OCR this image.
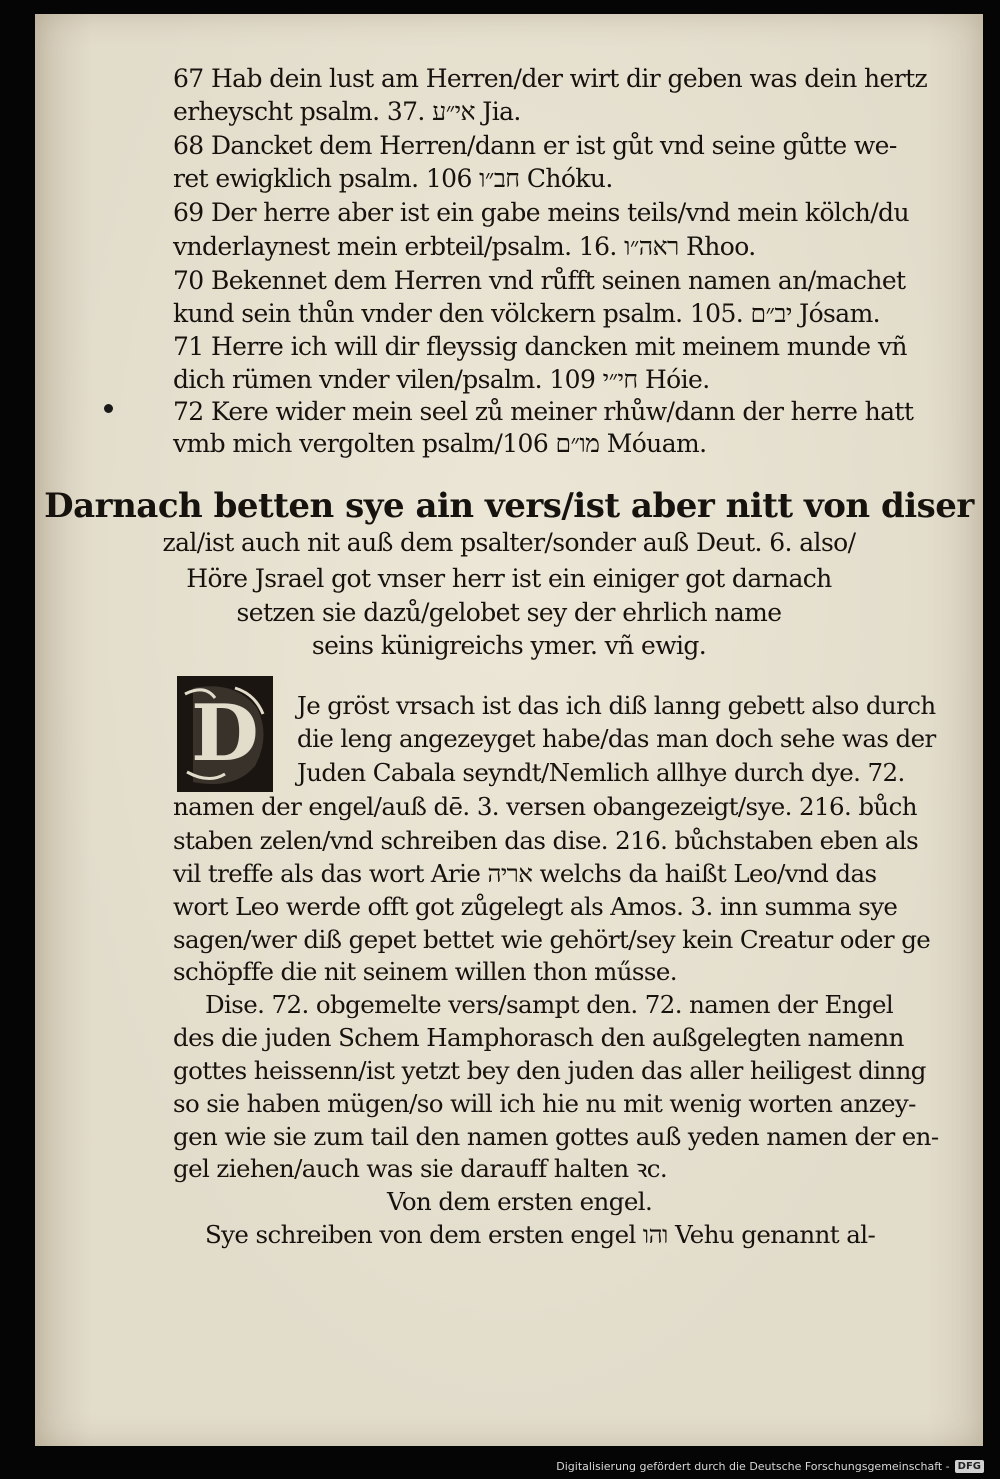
67 Hab dein lust am Herren/der wirt dir geben was dein hertz
erheyscht psalm. 37. אי״ע Jia.
68 Dancket dem Herren/dann er ist gůt vnd seine gůtte we-
ret ewigklich psalm. 106 חב״ו Chóku.
69 Der herre aber ist ein gabe meins teils/vnd mein kölch/du
vnderlaynest mein erbteil/psalm. 16. ראה״ו Rhoo.
70 Bekennet dem Herren vnd růfft seinen namen an/machet
kund sein thůn vnder den völckern psalm. 105. יב״ם Jósam.
71 Herre ich will dir fleyssig dancken mit meinem munde vñ
dich rümen vnder vilen/psalm. 109 חי״י Hóie.
72 Kere wider mein seel zů meiner rhůw/dann der herre hatt
vmb mich vergolten psalm/106 מו״ם Móuam.
Darnach betten sye ain vers/ist aber nitt von diser
zal/ist auch nit auß dem psalter/sonder auß Deut. 6. also/
Höre Jsrael got vnser herr ist ein einiger got darnach
setzen sie dazů/gelobet sey der ehrlich name
seins künigreichs ymer. vñ ewig.
D Je gröst vrsach ist das ich diß lanng gebett also durch
die leng angezeyget habe/das man doch sehe was der
Juden Cabala seyndt/Nemlich allhye durch dye. 72.
namen der engel/auß dē. 3. versen obangezeigt/sye. 216. bůch
staben zelen/vnd schreiben das dise. 216. bůchstaben eben als
vil treffe als das wort Arie אריה welchs da haißt Leo/vnd das
wort Leo werde offt got zůgelegt als Amos. 3. inn summa sye
sagen/wer diß gepet bettet wie gehört/sey kein Creatur oder ge
schöpffe die nit seinem willen thon műsse.
Dise. 72. obgemelte vers/sampt den. 72. namen der Engel
des die juden Schem Hamphorasch den außgelegten namenn
gottes heissenn/ist yetzt bey den juden das aller heiligest dinng
so sie haben mügen/so will ich hie nu mit wenig worten anzey-
gen wie sie zum tail den namen gottes auß yeden namen der en-
gel ziehen/auch was sie darauff halten ꝛc.
Von dem ersten engel.
Sye schreiben von dem ersten engel והו Vehu genannt al-
Digitalisierung gefördert durch die Deutsche Forschungsgemeinschaft - DFG
